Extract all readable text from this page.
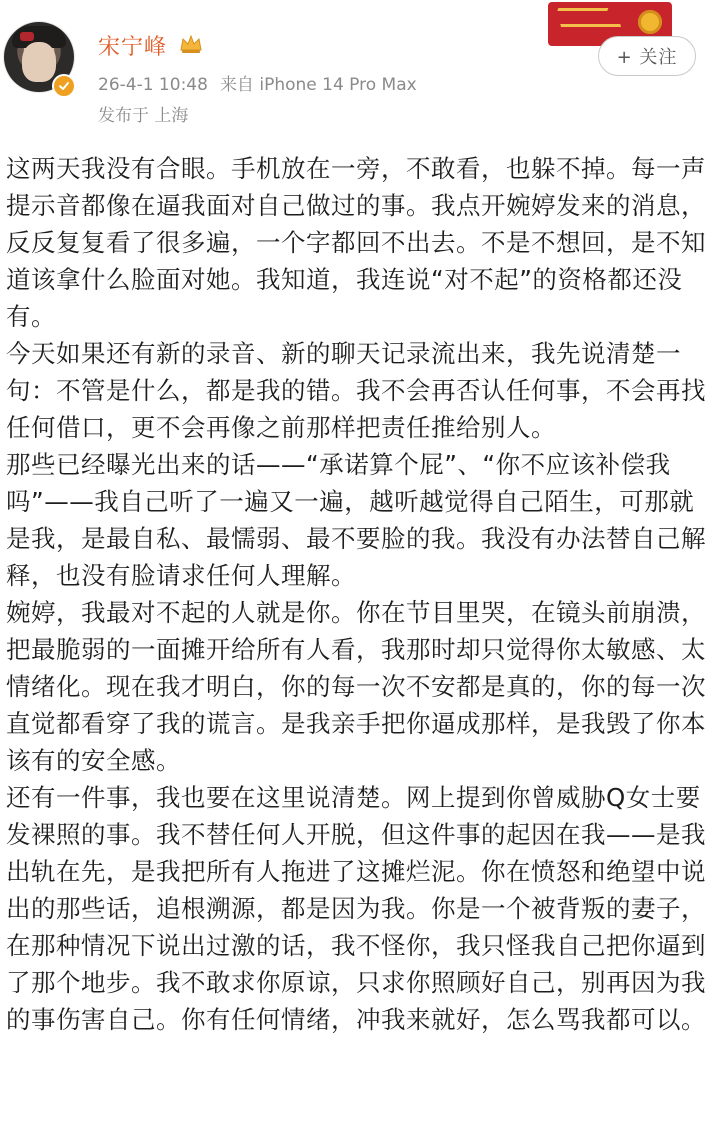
宋宁峰
26-4-1 10:48 来自 iPhone 14 Pro Max
发布于 上海
+ 关注

这两天我没有合眼。手机放在一旁，不敢看，也躲不掉。每一声提示音都像在逼我面对自己做过的事。我点开婉婷发来的消息，反反复复看了很多遍，一个字都回不出去。不是不想回，是不知道该拿什么脸面对她。我知道，我连说“对不起”的资格都还没有。

今天如果还有新的录音、新的聊天记录流出来，我先说清楚一句：不管是什么，都是我的错。我不会再否认任何事，不会再找任何借口，更不会再像之前那样把责任推给别人。

那些已经曝光出来的话——“承诺算个屁”、“你不应该补偿我吗”——我自己听了一遍又一遍，越听越觉得自己陌生，可那就是我，是最自私、最懦弱、最不要脸的我。我没有办法替自己解释，也没有脸请求任何人理解。

婉婷，我最对不起的人就是你。你在节目里哭，在镜头前崩溃，把最脆弱的一面摊开给所有人看，我那时却只觉得你太敏感、太情绪化。现在我才明白，你的每一次不安都是真的，你的每一次直觉都看穿了我的谎言。是我亲手把你逼成那样，是我毁了你本该有的安全感。

还有一件事，我也要在这里说清楚。网上提到你曾威胁Q女士要发裸照的事。我不替任何人开脱，但这件事的起因在我——是我出轨在先，是我把所有人拖进了这摊烂泥。你在愤怒和绝望中说出的那些话，追根溯源，都是因为我。你是一个被背叛的妻子，在那种情况下说出过激的话，我不怪你，我只怪我自己把你逼到了那个地步。我不敢求你原谅，只求你照顾好自己，别再因为我的事伤害自己。你有任何情绪，冲我来就好，怎么骂我都可以。
